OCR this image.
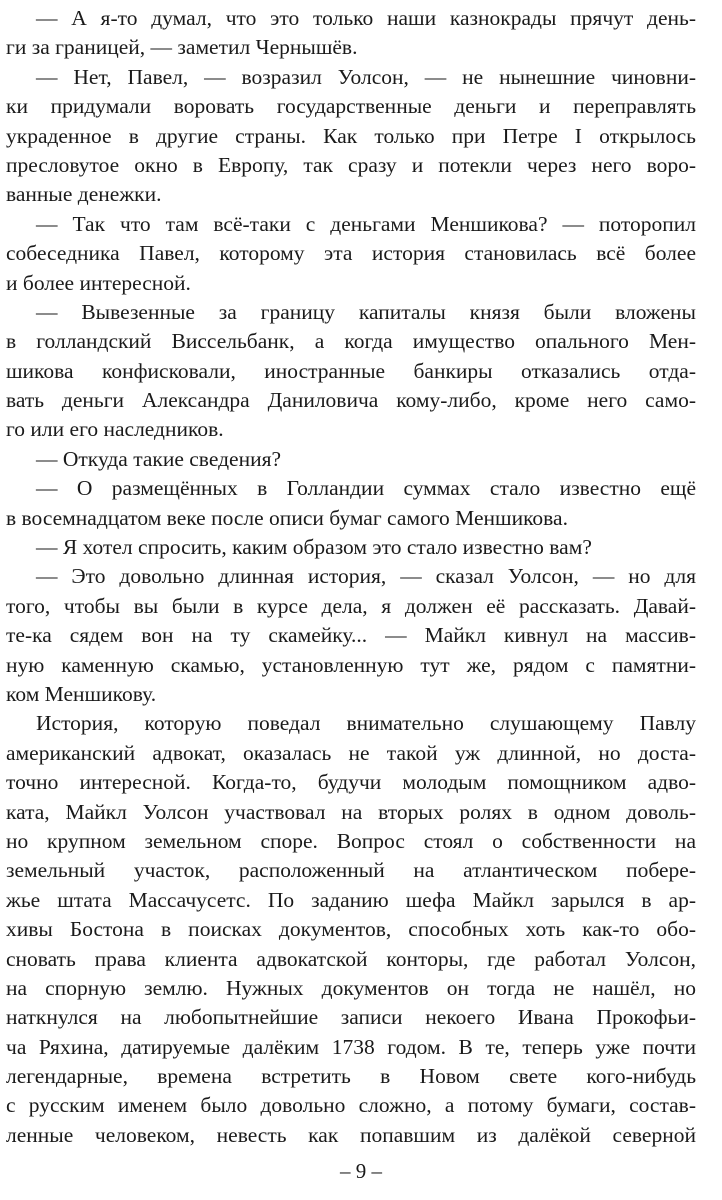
— А я-то думал, что это только наши казнокрады прячут день-
ги за границей, — заметил Чернышёв.
— Нет, Павел, — возразил Уолсон, — не нынешние чиновни-
ки придумали воровать государственные деньги и переправлять
украденное в другие страны. Как только при Петре I открылось
пресловутое окно в Европу, так сразу и потекли через него воро-
ванные денежки.
— Так что там всё-таки с деньгами Меншикова? — поторопил
собеседника Павел, которому эта история становилась всё более
и более интересной.
— Вывезенные за границу капиталы князя были вложены
в голландский Виссельбанк, а когда имущество опального Мен-
шикова конфисковали, иностранные банкиры отказались отда-
вать деньги Александра Даниловича кому-либо, кроме него само-
го или его наследников.
— Откуда такие сведения?
— О размещённых в Голландии суммах стало известно ещё
в восемнадцатом веке после описи бумаг самого Меншикова.
— Я хотел спросить, каким образом это стало известно вам?
— Это довольно длинная история, — сказал Уолсон, — но для
того, чтобы вы были в курсе дела, я должен её рассказать. Давай-
те-ка сядем вон на ту скамейку... — Майкл кивнул на массив-
ную каменную скамью, установленную тут же, рядом с памятни-
ком Меншикову.
История, которую поведал внимательно слушающему Павлу
американский адвокат, оказалась не такой уж длинной, но доста-
точно интересной. Когда-то, будучи молодым помощником адво-
ката, Майкл Уолсон участвовал на вторых ролях в одном доволь-
но крупном земельном споре. Вопрос стоял о собственности на
земельный участок, расположенный на атлантическом побере-
жье штата Массачусетс. По заданию шефа Майкл зарылся в ар-
хивы Бостона в поисках документов, способных хоть как-то обо-
сновать права клиента адвокатской конторы, где работал Уолсон,
на спорную землю. Нужных документов он тогда не нашёл, но
наткнулся на любопытнейшие записи некоего Ивана Прокофьи-
ча Ряхина, датируемые далёким 1738 годом. В те, теперь уже почти
легендарные, времена встретить в Новом свете кого-нибудь
с русским именем было довольно сложно, а потому бумаги, состав-
ленные человеком, невесть как попавшим из далёкой северной
– 9 –
